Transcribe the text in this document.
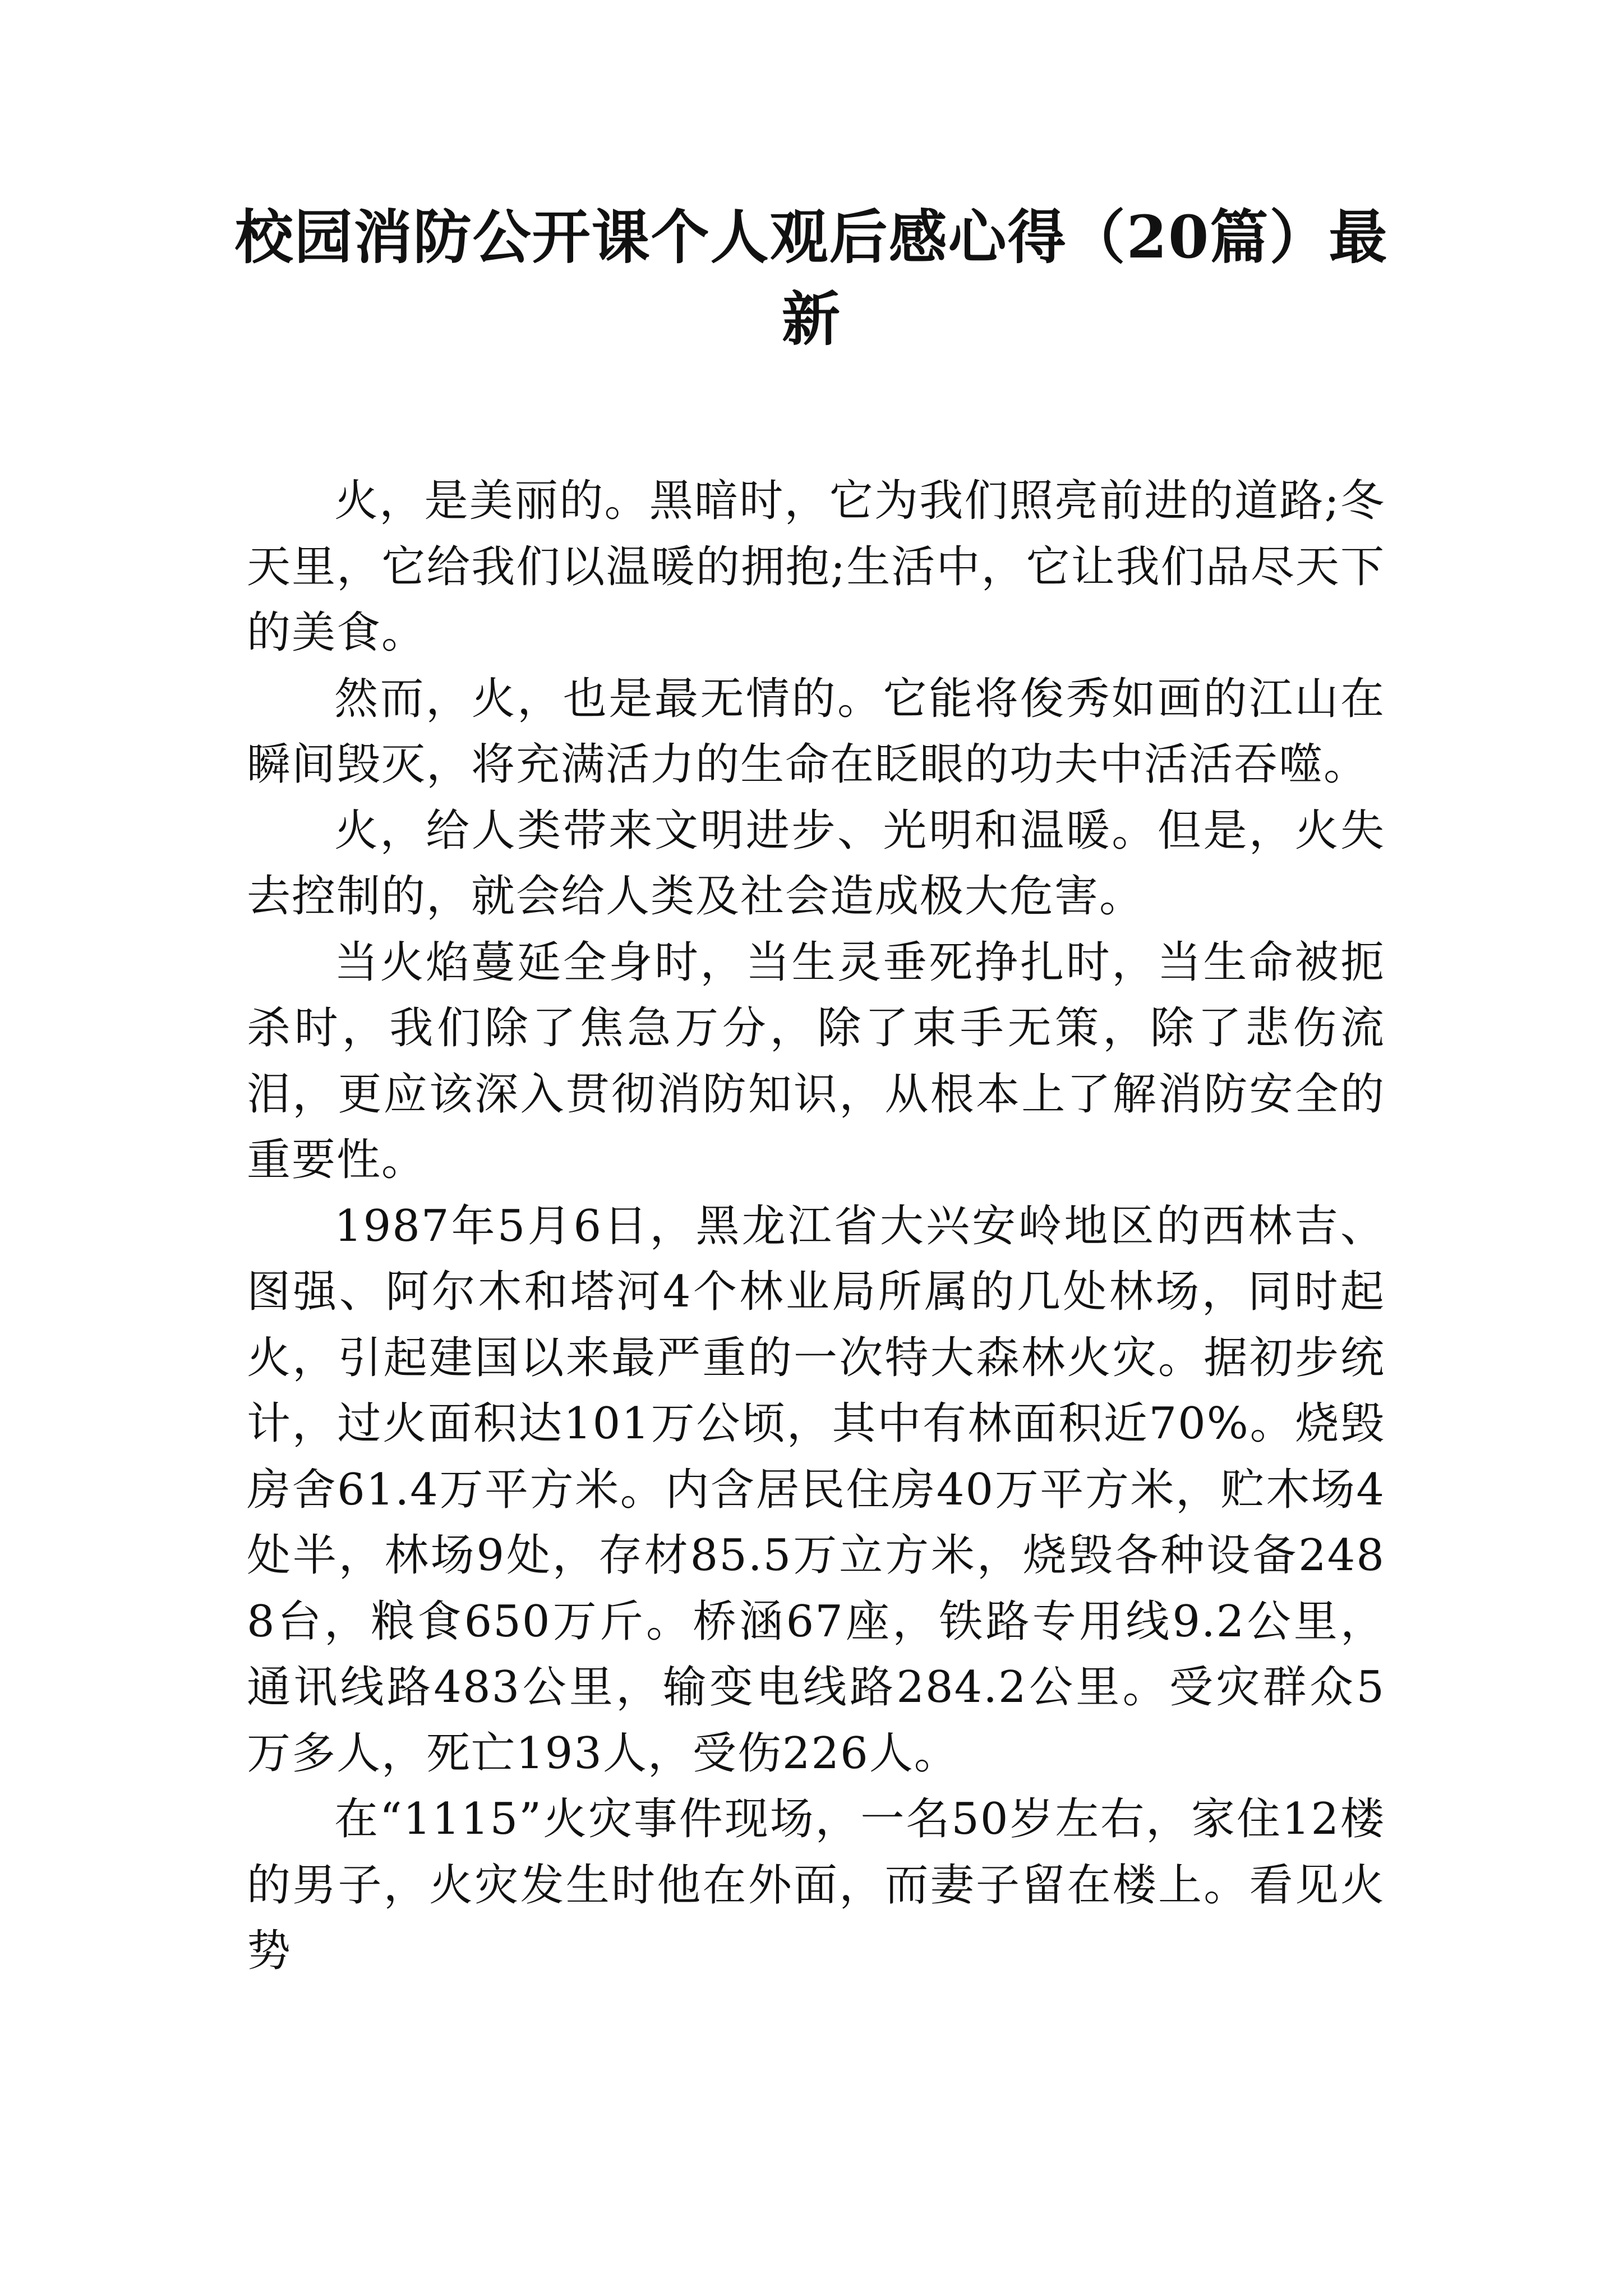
校园消防公开课个人观后感心得（20篇）最新

火，是美丽的。黑暗时，它为我们照亮前进的道路;冬天里，它给我们以温暖的拥抱;生活中，它让我们品尽天下的美食。

然而，火，也是最无情的。它能将俊秀如画的江山在瞬间毁灭，将充满活力的生命在眨眼的功夫中活活吞噬。

火，给人类带来文明进步、光明和温暖。但是，火失去控制的，就会给人类及社会造成极大危害。

当火焰蔓延全身时，当生灵垂死挣扎时，当生命被扼杀时，我们除了焦急万分，除了束手无策，除了悲伤流泪，更应该深入贯彻消防知识，从根本上了解消防安全的重要性。

1987年5月6日，黑龙江省大兴安岭地区的西林吉、图强、阿尔木和塔河4个林业局所属的几处林场，同时起火，引起建国以来最严重的一次特大森林火灾。据初步统计，过火面积达101万公顷，其中有林面积近70%。烧毁房舍61.4万平方米。内含居民住房40万平方米，贮木场4处半，林场9处，存材85.5万立方米，烧毁各种设备2488台，粮食650万斤。桥涵67座，铁路专用线9.2公里，通讯线路483公里，输变电线路284.2公里。受灾群众5万多人，死亡193人，受伤226人。

在“1115”火灾事件现场，一名50岁左右，家住12楼的男子，火灾发生时他在外面，而妻子留在楼上。看见火势
